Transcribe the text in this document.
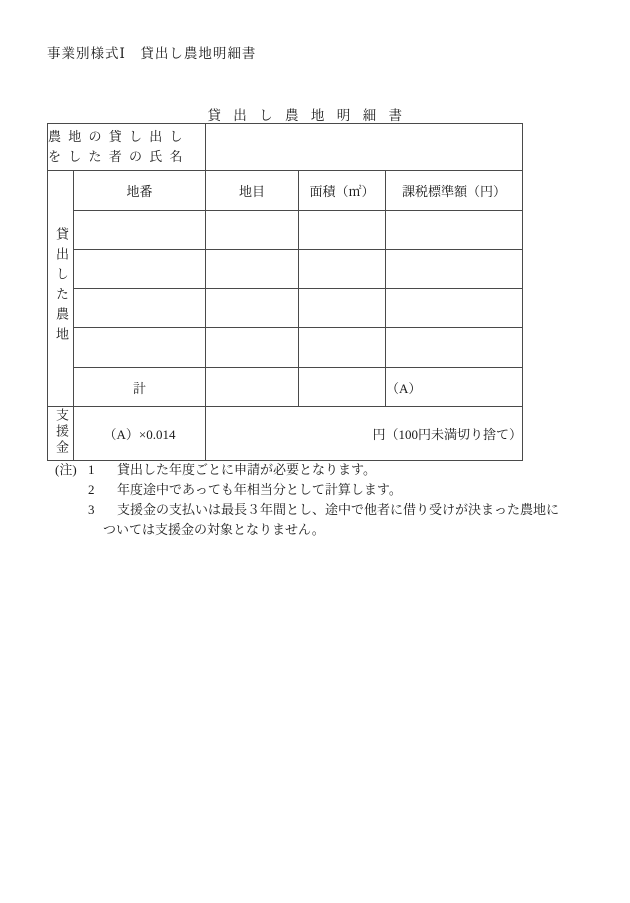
事業別様式Ⅰ　貸出し農地明細書
貸 出 し 農 地 明 細 書
農 地 の 貸 し 出 し
を し た 者 の 氏 名				
貸出した農地	地番	地目	面積（㎡）	課税標準額（円）

	計			（A）
支援金	（A）×0.014	円（100円未満切り捨て）		
(注) 1 貸出した年度ごとに申請が必要となります。
2 年度途中であっても年相当分として計算します。
3 支援金の支払いは最長３年間とし、途中で他者に借り受けが決まった農地については支援金の対象となりません。
